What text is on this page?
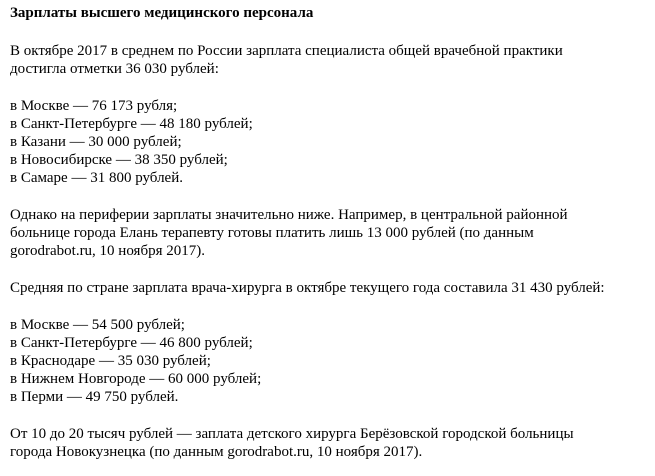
Зарплаты высшего медицинского персонала
В октябре 2017 в среднем по России зарплата специалиста общей врачебной практики
достигла отметки 36 030 рублей:
в Москве — 76 173 рубля;
в Санкт-Петербурге — 48 180 рублей;
в Казани — 30 000 рублей;
в Новосибирске — 38 350 рублей;
в Самаре — 31 800 рублей.
Однако на периферии зарплаты значительно ниже. Например, в центральной районной
больнице города Елань терапевту готовы платить лишь 13 000 рублей (по данным
gorodrabot.ru, 10 ноября 2017).
Средняя по стране зарплата врача-хирурга в октябре текущего года составила 31 430 рублей:
в Москве — 54 500 рублей;
в Санкт-Петербурге — 46 800 рублей;
в Краснодаре — 35 030 рублей;
в Нижнем Новгороде — 60 000 рублей;
в Перми — 49 750 рублей.
От 10 до 20 тысяч рублей — заплата детского хирурга Берёзовской городской больницы
города Новокузнецка (по данным gorodrabot.ru, 10 ноября 2017).
